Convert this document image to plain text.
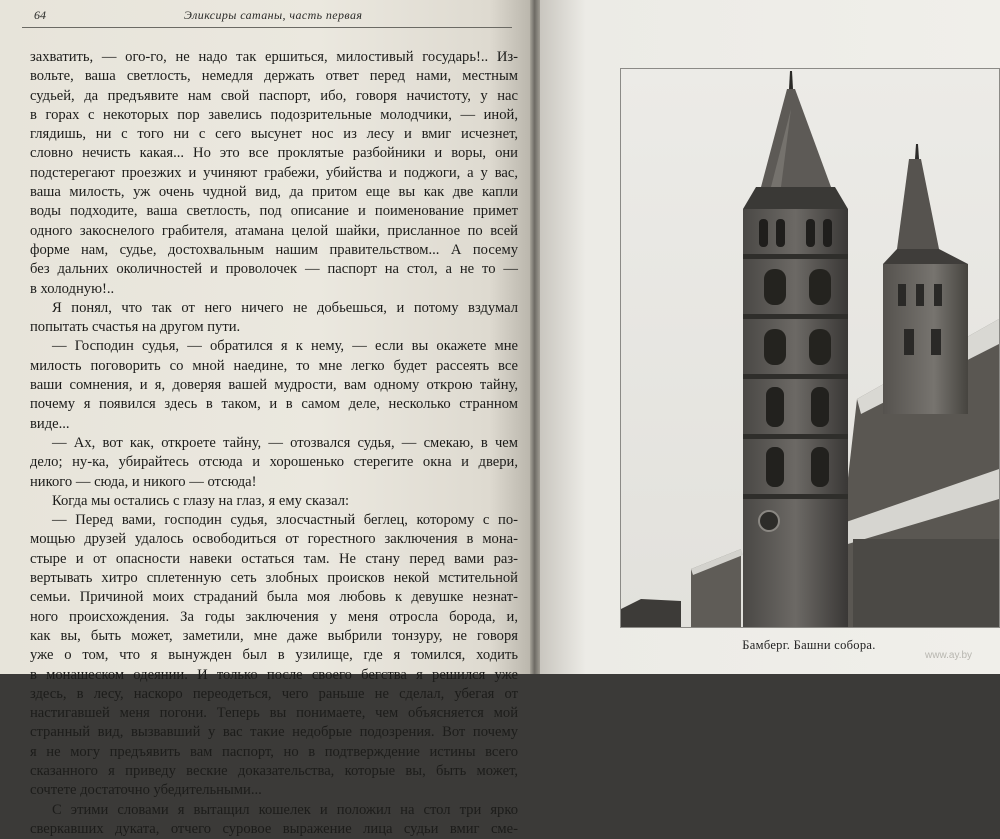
64	Эликсиры сатаны, часть первая
захватить, — ого-го, не надо так ершиться, милостивый государь!.. Из-
вольте, ваша светлость, немедля держать ответ перед нами, местным
судьей, да предъявите нам свой паспорт, ибо, говоря начистоту, у нас
в горах с некоторых пор завелись подозрительные молодчики, — иной,
глядишь, ни с того ни с сего высунет нос из лесу и вмиг исчезнет,
словно нечисть какая... Но это все проклятые разбойники и воры, они
подстерегают проезжих и учиняют грабежи, убийства и поджоги, а у вас,
ваша милость, уж очень чудной вид, да притом еще вы как две капли
воды подходите, ваша светлость, под описание и поименование примет
одного закоснелого грабителя, атамана целой шайки, присланное по всей
форме нам, судье, достохвальным нашим правительством... А посему
без дальних околичностей и проволочек — паспорт на стол, а не то —
в холодную!..
Я понял, что так от него ничего не добьешься, и потому вздумал
попытать счастья на другом пути.
— Господин судья, — обратился я к нему, — если вы окажете мне
милость поговорить со мной наедине, то мне легко будет рассеять все
ваши сомнения, и я, доверяя вашей мудрости, вам одному открою тайну,
почему я появился здесь в таком, и в самом деле, несколько странном
виде...
— Ах, вот как, откроете тайну, — отозвался судья, — смекаю, в чем
дело; ну-ка, убирайтесь отсюда и хорошенько стерегите окна и двери,
никого — сюда, и никого — отсюда!
Когда мы остались с глазу на глаз, я ему сказал:
— Перед вами, господин судья, злосчастный беглец, которому с по-
мощью друзей удалось освободиться от горестного заключения в мона-
стыре и от опасности навеки остаться там. Не стану перед вами раз-
вертывать хитро сплетенную сеть злобных происков некой мстительной
семьи. Причиной моих страданий была моя любовь к девушке незнат-
ного происхождения. За годы заключения у меня отросла борода, и,
как вы, быть может, заметили, мне даже выбрили тонзуру, не говоря
уже о том, что я вынужден был в узилище, где я томился, ходить
в монашеском одеянии. И только после своего бегства я решился уже
здесь, в лесу, наскоро переодеться, чего раньше не сделал, убегая от
настигавшей меня погони. Теперь вы понимаете, чем объясняется мой
странный вид, вызвавший у вас такие недобрые подозрения. Вот почему
я не могу предъявить вам паспорт, но в подтверждение истины всего
сказанного я приведу веские доказательства, которые вы, быть может,
сочтете достаточно убедительными...
С этими словами я вытащил кошелек и положил на стол три ярко
сверкавших дуката, отчего суровое выражение лица судьи вмиг сме-
Бамберг. Башни собора.
www.ay.by
